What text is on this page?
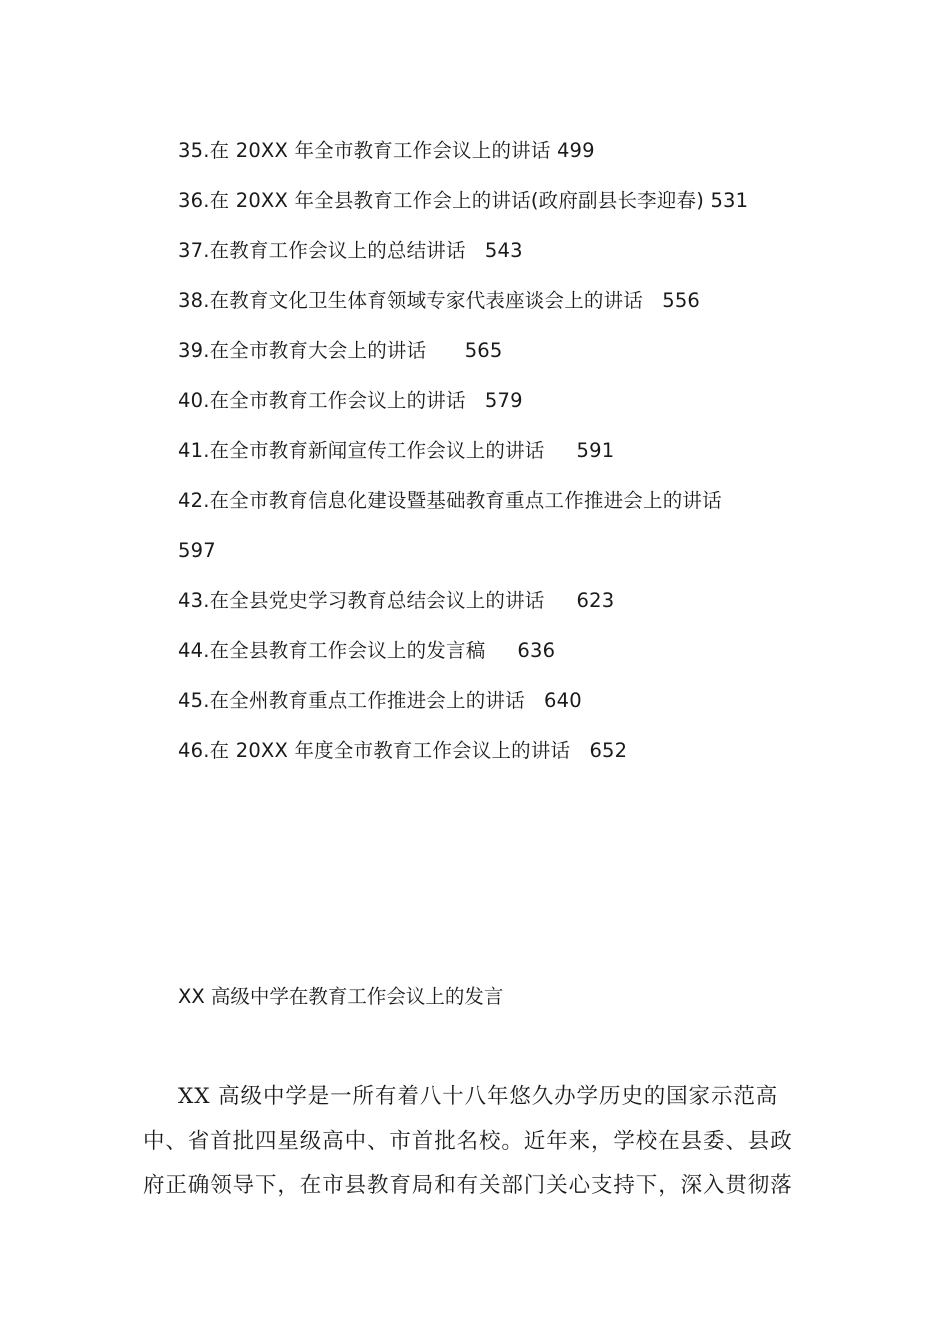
35.在 20XX 年全市教育工作会议上的讲话 499
36.在 20XX 年全县教育工作会上的讲话(政府副县长李迎春) 531
37.在教育工作会议上的总结讲话   543
38.在教育文化卫生体育领域专家代表座谈会上的讲话   556
39.在全市教育大会上的讲话      565
40.在全市教育工作会议上的讲话   579
41.在全市教育新闻宣传工作会议上的讲话     591
42.在全市教育信息化建设暨基础教育重点工作推进会上的讲话
597
43.在全县党史学习教育总结会议上的讲话     623
44.在全县教育工作会议上的发言稿     636
45.在全州教育重点工作推进会上的讲话   640
46.在 20XX 年度全市教育工作会议上的讲话   652
XX 高级中学在教育工作会议上的发言
XX 高级中学是一所有着八十八年悠久办学历史的国家示范高
中、省首批四星级高中、市首批名校。近年来，学校在县委、县政
府正确领导下，在市县教育局和有关部门关心支持下，深入贯彻落
